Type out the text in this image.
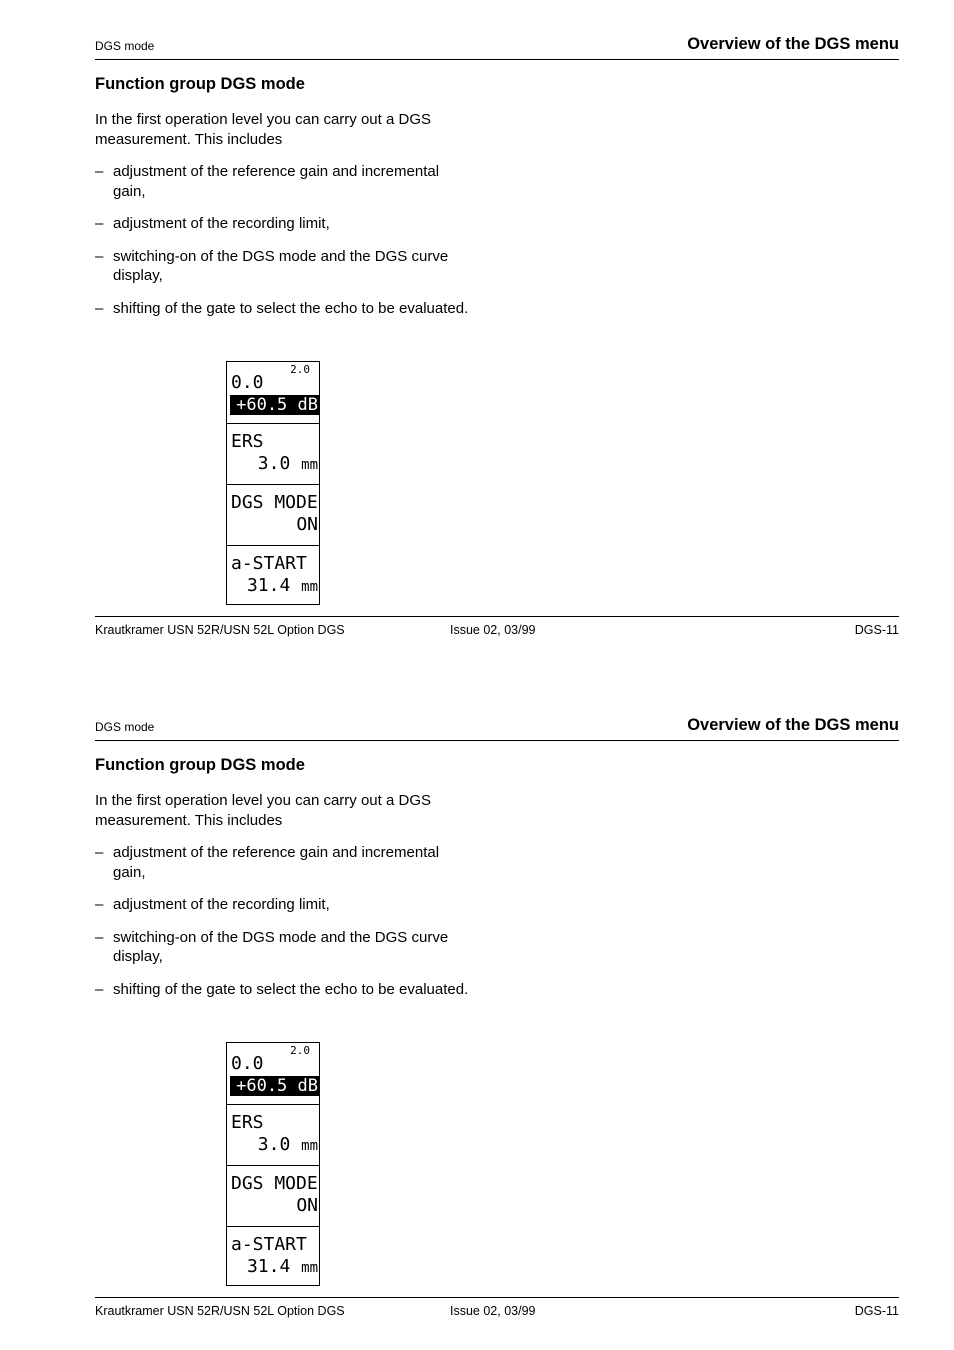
DGS mode	Overview of the DGS menu
Function group DGS mode

In the first operation level you can carry out a DGS measurement. This includes

– adjustment of the reference gain and incremental gain,
– adjustment of the recording limit,
– switching-on of the DGS mode and the DGS curve display,
– shifting of the gate to select the echo to be evaluated.
2.0
0.0
+60.5 dB
ERS
3.0 mm
DGS MODE
ON
a-START
31.4 mm
Krautkramer USN 52R/USN 52L Option DGS	Issue 02, 03/99	DGS-11
DGS mode	Overview of the DGS menu
Function group DGS mode

In the first operation level you can carry out a DGS measurement. This includes

– adjustment of the reference gain and incremental gain,
– adjustment of the recording limit,
– switching-on of the DGS mode and the DGS curve display,
– shifting of the gate to select the echo to be evaluated.
2.0
0.0
+60.5 dB
ERS
3.0 mm
DGS MODE
ON
a-START
31.4 mm
Krautkramer USN 52R/USN 52L Option DGS	Issue 02, 03/99	DGS-11
